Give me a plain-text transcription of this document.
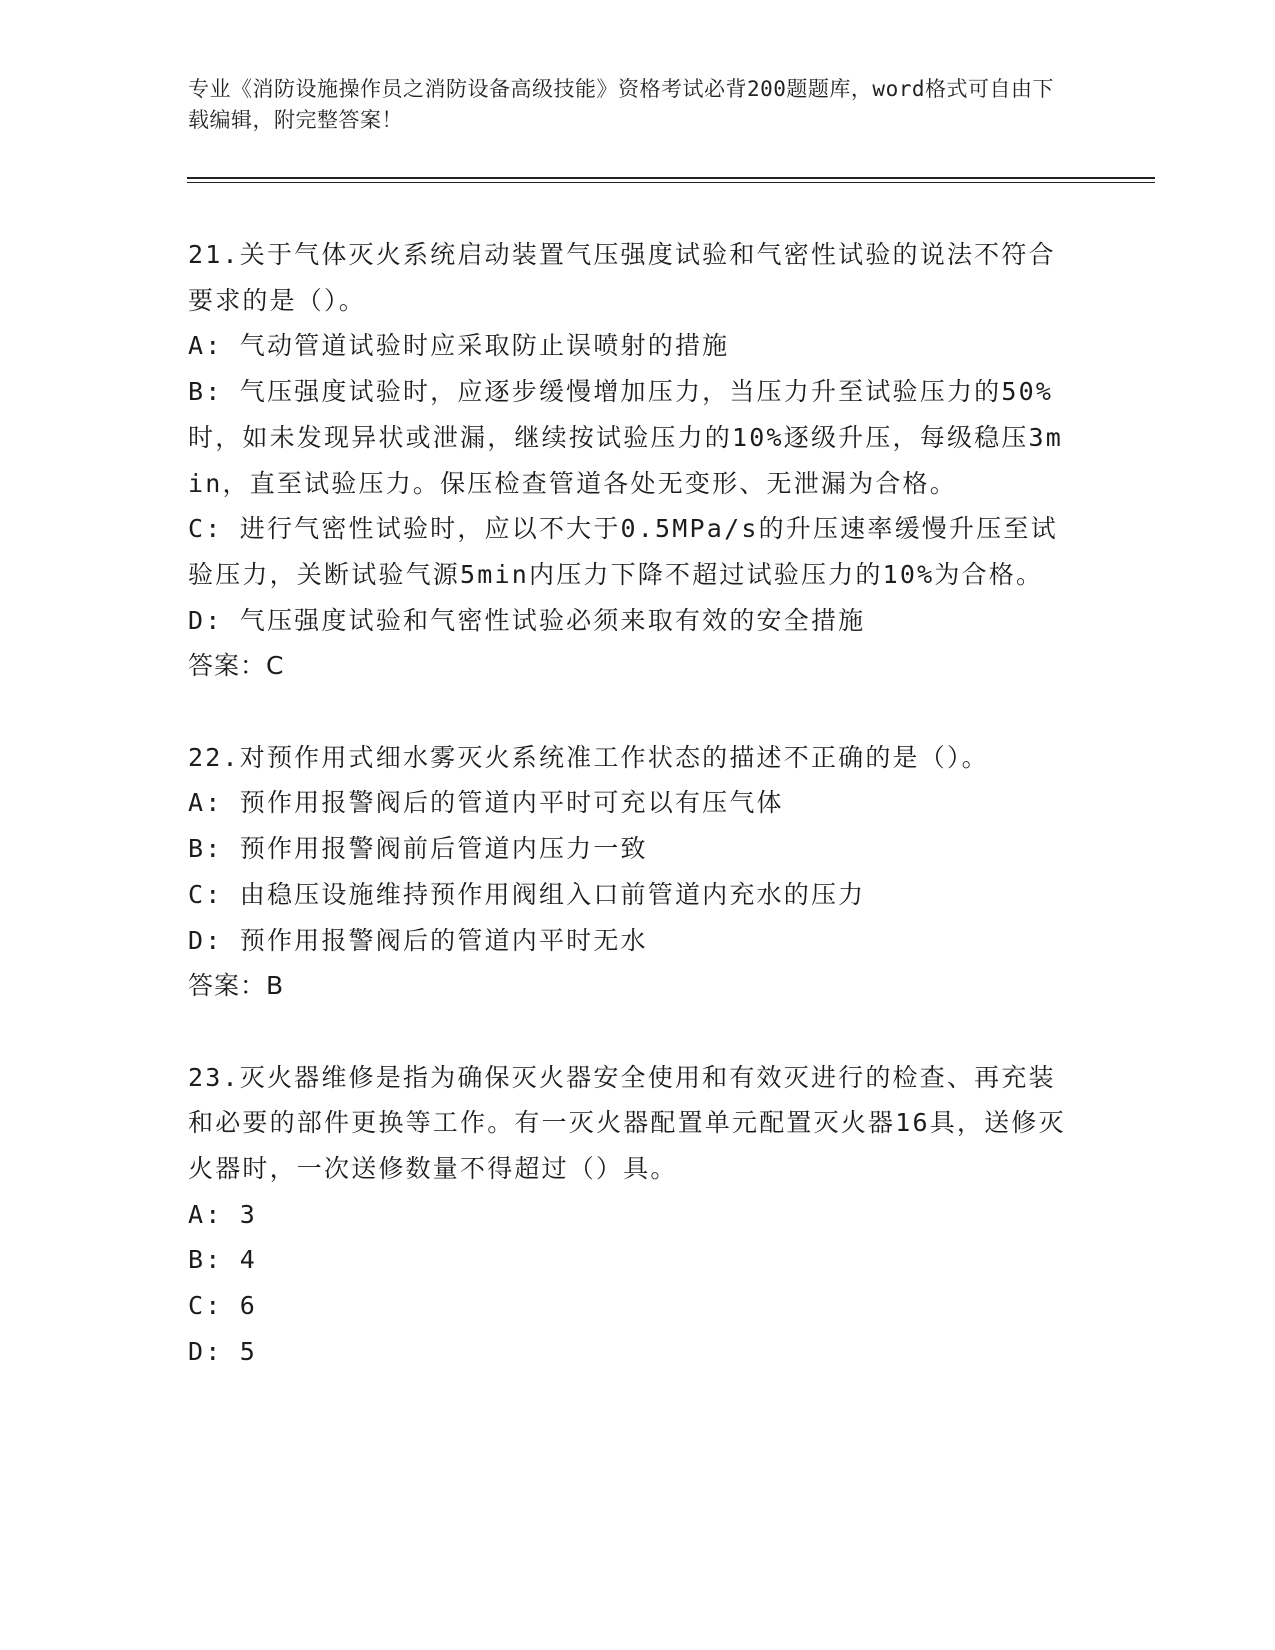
专业《消防设施操作员之消防设备高级技能》资格考试必背200题题库，word格式可自由下载编辑，附完整答案！
21.关于气体灭火系统启动装置气压强度试验和气密性试验的说法不符合要求的是（）。
A: 气动管道试验时应采取防止误喷射的措施
B: 气压强度试验时，应逐步缓慢增加压力，当压力升至试验压力的50%时，如未发现异状或泄漏，继续按试验压力的10%逐级升压，每级稳压3min，直至试验压力。保压检查管道各处无变形、无泄漏为合格。
C: 进行气密性试验时，应以不大于0.5MPa/s的升压速率缓慢升压至试验压力，关断试验气源5min内压力下降不超过试验压力的10%为合格。
D: 气压强度试验和气密性试验必须来取有效的安全措施
答案：C
22.对预作用式细水雾灭火系统准工作状态的描述不正确的是（）。
A: 预作用报警阀后的管道内平时可充以有压气体
B: 预作用报警阀前后管道内压力一致
C: 由稳压设施维持预作用阀组入口前管道内充水的压力
D: 预作用报警阀后的管道内平时无水
答案：B
23.灭火器维修是指为确保灭火器安全使用和有效灭进行的检查、再充装和必要的部件更换等工作。有一灭火器配置单元配置灭火器16具，送修灭火器时，一次送修数量不得超过（）具。
A: 3
B: 4
C: 6
D: 5
